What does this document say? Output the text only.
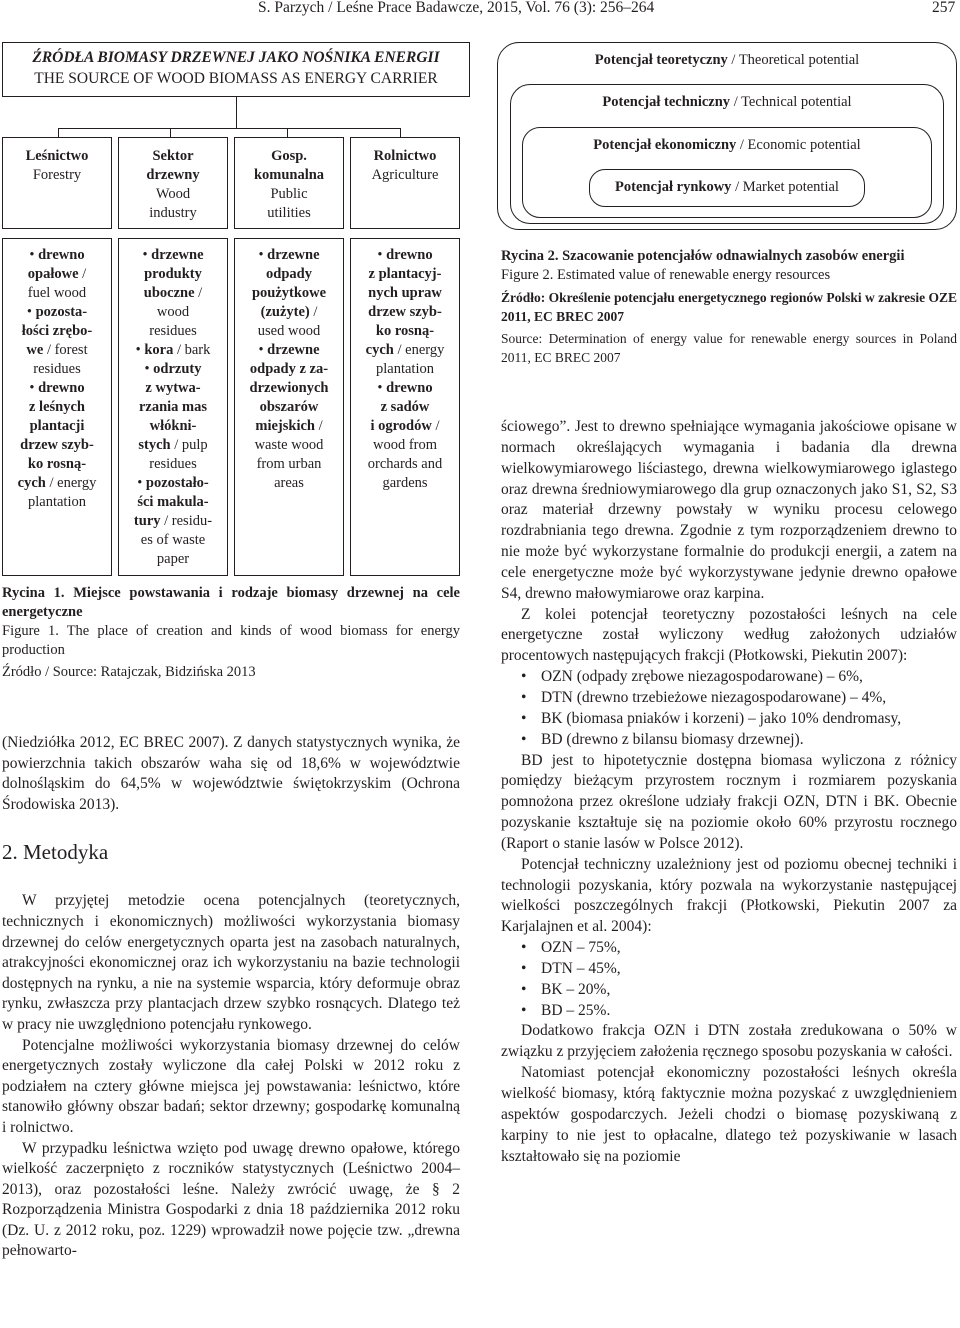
S. Parzych / Leśne Prace Badawcze, 2015, Vol. 76 (3): 256–264	257
ŹRÓDŁA BIOMASY DRZEWNEJ JAKO NOŚNIKA ENERGII
THE SOURCE OF WOOD BIOMASS AS ENERGY CARRIER
Leśnictwo
Forestry
Sektor drzewny
Wood industry
Gosp. komunalna
Public utilities
Rolnictwo
Agriculture
• drewno
opałowe /
fuel wood
• pozosta-
łości zrębo-
we / forest
residues
• drewno
z leśnych
plantacji
drzew szyb-
ko rosną-
cych / energy
plantation
• drzewne
produkty
uboczne /
wood
residues
• kora / bark
• odrzuty
z wytwa-
rzania mas
włókni-
stych / pulp
residues
• pozostało-
ści makula-
tury / residu-
es of waste
paper
• drzewne
odpady
poużytkowe
(zużyte) /
used wood
• drzewne
odpady z za-
drzewionych
obszarów
miejskich /
waste wood
from urban
areas
• drewno
z plantacyj-
nych upraw
drzew szyb-
ko rosną-
cych / energy
plantation
• drewno
z sadów
i ogrodów /
wood from
orchards and
gardens
Rycina 1. Miejsce powstawania i rodzaje biomasy drzewnej na cele energetyczne
Figure 1. The place of creation and kinds of wood biomass for energy production
Źródło / Source: Ratajczak, Bidzińska 2013
Potencjał teoretyczny / Theoretical potential
Potencjał techniczny / Technical potential
Potencjał ekonomiczny / Economic potential
Potencjał rynkowy / Market potential
Rycina 2. Szacowanie potencjałów odnawialnych zasobów energii
Figure 2. Estimated value of renewable energy resources
Źródło: Określenie potencjału energetycznego regionów Polski w zakresie OZE 2011, EC BREC 2007
Source: Determination of energy value for renewable energy sources in Poland 2011, EC BREC 2007

(Niedziółka 2012, EC BREC 2007). Z danych statystycznych wynika, że powierzchnia takich obszarów waha się od 18,6% w województwie dolnośląskim do 64,5% w województwie świętokrzyskim (Ochrona Środowiska 2013).

2. Metodyka

W przyjętej metodzie ocena potencjalnych (teoretycznych, technicznych i ekonomicznych) możliwości wykorzystania biomasy drzewnej do celów energetycznych oparta jest na zasobach naturalnych, atrakcyjności ekonomicznej oraz ich wykorzystaniu na bazie technologii dostępnych na rynku, a nie na systemie wsparcia, który deformuje obraz rynku, zwłaszcza przy plantacjach drzew szybko rosnących. Dlatego też w pracy nie uwzględniono potencjału rynkowego.

Potencjalne możliwości wykorzystania biomasy drzewnej do celów energetycznych zostały wyliczone dla całej Polski w 2012 roku z podziałem na cztery główne miejsca jej powstawania: leśnictwo, które stanowiło główny obszar badań; sektor drzewny; gospodarkę komunalną i rolnictwo.

W przypadku leśnictwa wzięto pod uwagę drewno opałowe, którego wielkość zaczerpnięto z roczników statystycznych (Leśnictwo 2004–2013), oraz pozostałości leśne. Należy zwrócić uwagę, że § 2 Rozporządzenia Ministra Gospodarki z dnia 18 października 2012 roku (Dz. U. z 2012 roku, poz. 1229) wprowadził nowe pojęcie tzw. „drewna pełnowarto-

ściowego”. Jest to drewno spełniające wymagania jakościowe opisane w normach określających wymagania i badania dla drewna wielkowymiarowego liściastego, drewna wielkowymiarowego iglastego oraz drewna średniowymiarowego dla grup oznaczonych jako S1, S2, S3 oraz materiał drzewny powstały w wyniku procesu celowego rozdrabniania tego drewna. Zgodnie z tym rozporządzeniem drewno to nie może być wykorzystane formalnie do produkcji energii, a zatem na cele energetyczne może być wykorzystywane jedynie drewno opałowe S4, drewno małowymiarowe oraz karpina.

Z kolei potencjał teoretyczny pozostałości leśnych na cele energetyczne został wyliczony według założonych udziałów procentowych następujących frakcji (Płotkowski, Piekutin 2007):

• OZN (odpady zrębowe niezagospodarowane) – 6%,
• DTN (drewno trzebieżowe niezagospodarowane) – 4%,
• BK (biomasa pniaków i korzeni) – jako 10% dendromasy,
• BD (drewno z bilansu biomasy drzewnej).

BD jest to hipotetycznie dostępna biomasa wyliczona z różnicy pomiędzy bieżącym przyrostem rocznym i rozmiarem pozyskania pomnożona przez określone udziały frakcji OZN, DTN i BK. Obecnie pozyskanie kształtuje się na poziomie około 60% przyrostu rocznego (Raport o stanie lasów w Polsce 2012).

Potencjał techniczny uzależniony jest od poziomu obecnej techniki i technologii pozyskania, który pozwala na wykorzystanie następującej wielkości poszczególnych frakcji (Płotkowski, Piekutin 2007 za Karjalajnen et al. 2004):

• OZN – 75%,
• DTN – 45%,
• BK – 20%,
• BD – 25%.

Dodatkowo frakcja OZN i DTN została zredukowana o 50% w związku z przyjęciem założenia ręcznego sposobu pozyskania w całości.

Natomiast potencjał ekonomiczny pozostałości leśnych określa wielkość biomasy, którą faktycznie można pozyskać z uwzględnieniem aspektów gospodarczych. Jeżeli chodzi o biomasę pozyskiwaną z karpiny to nie jest to opłacalne, dlatego też pozyskiwanie w lasach kształtowało się na poziomie
